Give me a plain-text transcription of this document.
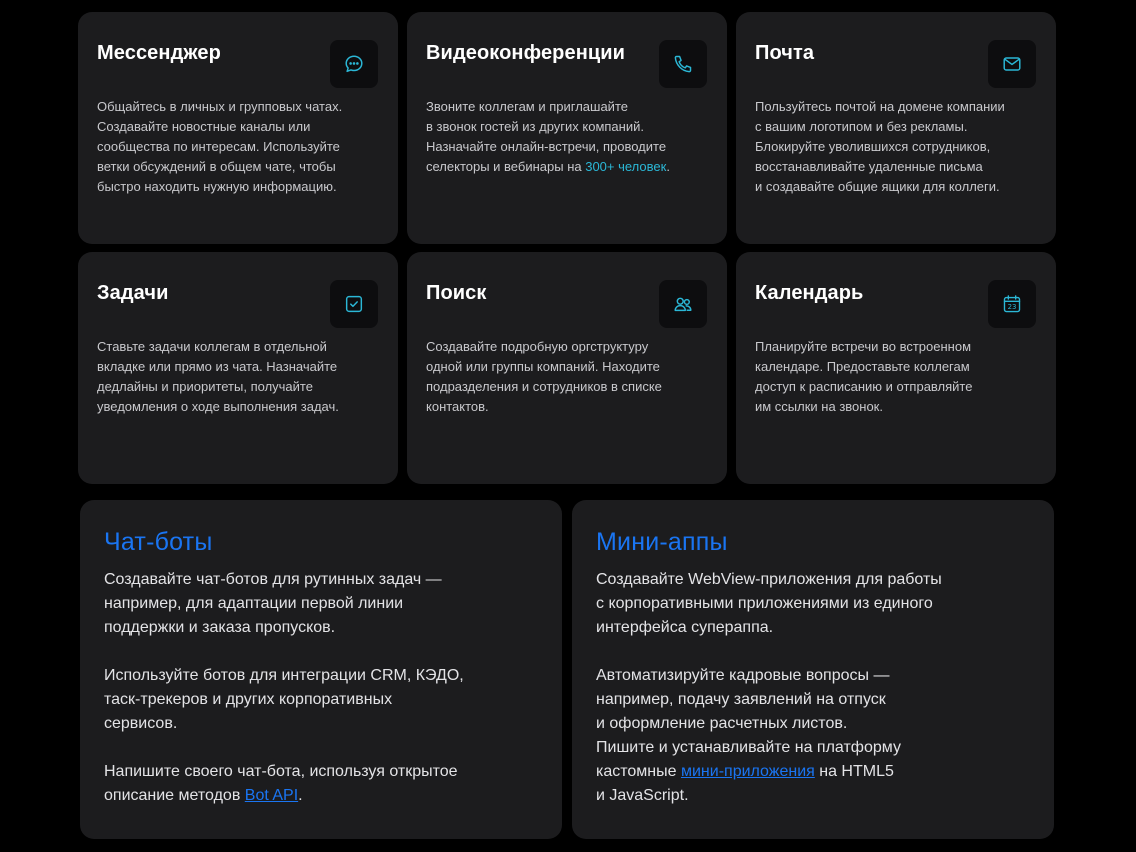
Мессенджер

Общайтесь в личных и групповых чатах.
Создавайте новостные каналы или
сообщества по интересам. Используйте
ветки обсуждений в общем чате, чтобы
быстро находить нужную информацию.

Видеоконференции

Звоните коллегам и приглашайте
в звонок гостей из других компаний.
Назначайте онлайн-встречи, проводите
селекторы и вебинары на 300+ человек.

Почта

Пользуйтесь почтой на домене компании
с вашим логотипом и без рекламы.
Блокируйте уволившихся сотрудников,
восстанавливайте удаленные письма
и создавайте общие ящики для коллеги.

Задачи

Ставьте задачи коллегам в отдельной
вкладке или прямо из чата. Назначайте
дедлайны и приоритеты, получайте
уведомления о ходе выполнения задач.

Поиск

Создавайте подробную оргструктуру
одной или группы компаний. Находите
подразделения и сотрудников в списке
контактов.

Календарь
23

Планируйте встречи во встроенном
календаре. Предоставьте коллегам
доступ к расписанию и отправляйте
им ссылки на звонок.

Чат-боты

Создавайте чат-ботов для рутинных задач —
например, для адаптации первой линии
поддержки и заказа пропусков.

Используйте ботов для интеграции CRM, КЭДО,
таск-трекеров и других корпоративных
сервисов.

Напишите своего чат-бота, используя открытое
описание методов Bot API.

Мини-аппы

Создавайте WebView-приложения для работы
с корпоративными приложениями из единого
интерфейса супераппа.

Автоматизируйте кадровые вопросы —
например, подачу заявлений на отпуск
и оформление расчетных листов.

Пишите и устанавливайте на платформу
кастомные мини-приложения на HTML5
и JavaScript.
